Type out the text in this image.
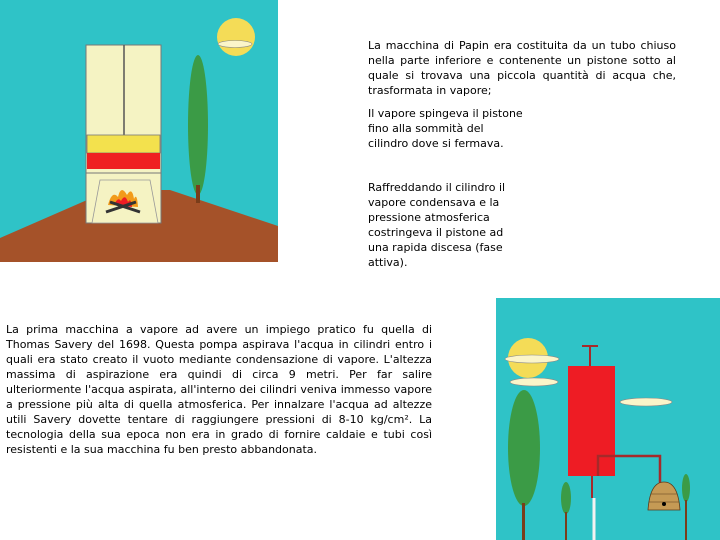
La macchina di Papin era costituita da un tubo chiuso nella parte inferiore e contenente un pistone sotto al quale si trovava una piccola quantità di acqua che, trasformata in vapore;
Il vapore spingeva il pistone fino alla sommità del cilindro dove si fermava.
Raffreddando il cilindro il vapore condensava e la pressione atmosferica costringeva il pistone ad una rapida discesa (fase attiva).
La prima macchina a vapore ad avere un impiego pratico fu quella di Thomas Savery del 1698. Questa pompa aspirava l'acqua in cilindri entro i quali era stato creato il vuoto mediante condensazione di vapore. L'altezza massima di aspirazione era quindi di circa 9 metri. Per far salire ulteriormente l'acqua aspirata, all'interno dei cilindri veniva immesso vapore a pressione più alta di quella atmosferica. Per innalzare l'acqua ad altezze utili Savery dovette tentare di raggiungere pressioni di 8-10 kg/cm². La tecnologia della sua epoca non era in grado di fornire caldaie e tubi così resistenti e la sua macchina fu ben presto abbandonata.
